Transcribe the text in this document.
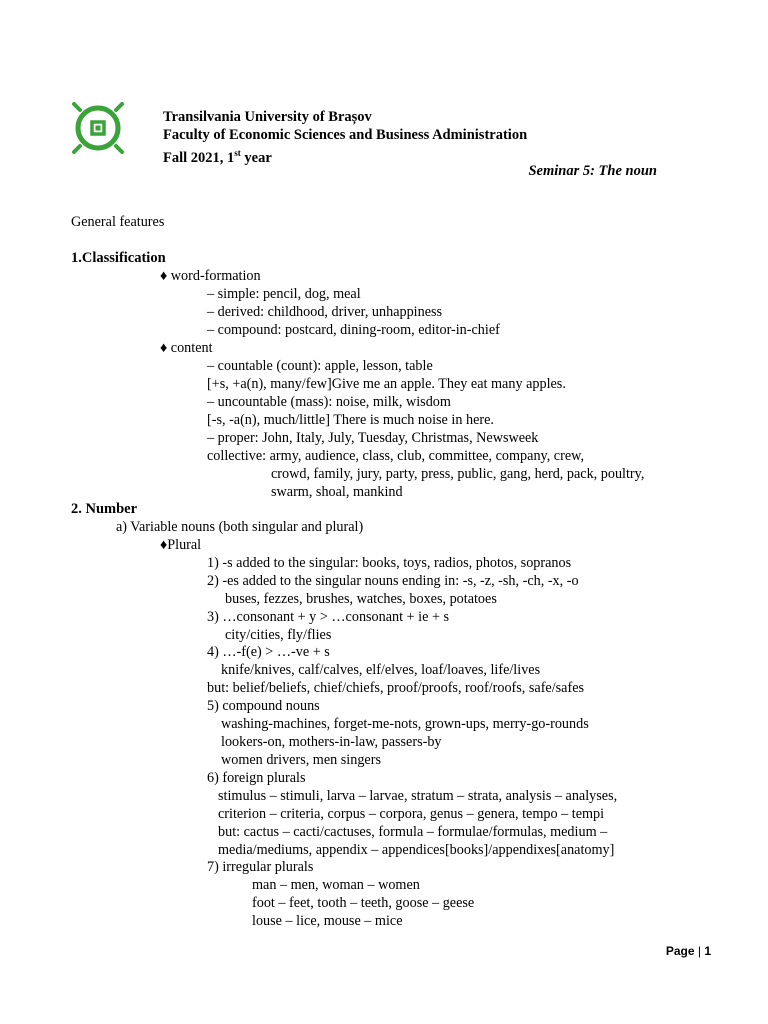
Transilvania University of Brașov
Faculty of Economic Sciences and Business Administration
Fall 2021, 1st year
Seminar 5: The noun
General features
1.Classification
♦ word-formation
– simple: pencil, dog, meal
– derived: childhood, driver, unhappiness
– compound: postcard, dining-room, editor-in-chief
♦ content
– countable (count): apple, lesson, table
[+s, +a(n), many/few]Give me an apple. They eat many apples.
– uncountable (mass): noise, milk, wisdom
[-s, -a(n), much/little] There is much noise in here.
– proper: John, Italy, July, Tuesday, Christmas, Newsweek
collective: army, audience, class, club, committee, company, crew,
crowd, family, jury, party, press, public, gang, herd, pack, poultry,
swarm, shoal, mankind
2. Number
a) Variable nouns (both singular and plural)
♦Plural
1) -s added to the singular: books, toys, radios, photos, sopranos
2) -es added to the singular nouns ending in: -s, -z, -sh, -ch, -x, -o
buses, fezzes, brushes, watches, boxes, potatoes
3) …consonant + y > …consonant + ie + s
city/cities, fly/flies
4) …-f(e) > …-ve + s
knife/knives, calf/calves, elf/elves, loaf/loaves, life/lives
but: belief/beliefs, chief/chiefs, proof/proofs, roof/roofs, safe/safes
5) compound nouns
washing-machines, forget-me-nots, grown-ups, merry-go-rounds
lookers-on, mothers-in-law, passers-by
women drivers, men singers
6) foreign plurals
stimulus – stimuli, larva – larvae, stratum – strata, analysis – analyses,
criterion – criteria, corpus – corpora, genus – genera, tempo – tempi
but: cactus – cacti/cactuses, formula – formulae/formulas, medium –
media/mediums, appendix – appendices[books]/appendixes[anatomy]
7) irregular plurals
man – men, woman – women
foot – feet, tooth – teeth, goose – geese
louse – lice, mouse – mice
Page | 1
